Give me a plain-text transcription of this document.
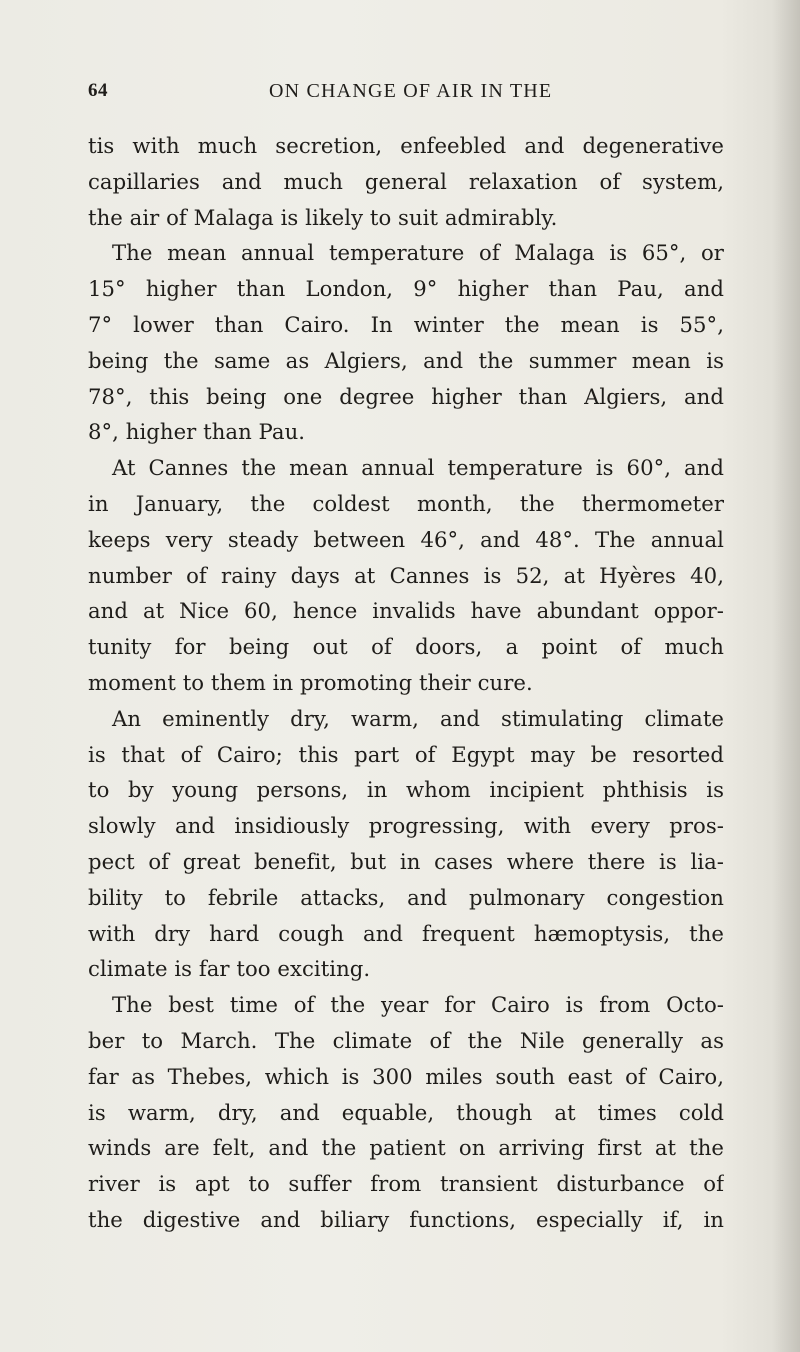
64	ON CHANGE OF AIR IN THE
tis with much secretion, enfeebled and degenerative
capillaries and much general relaxation of system,
the air of Malaga is likely to suit admirably.
The mean annual temperature of Malaga is 65°, or
15° higher than London, 9° higher than Pau, and
7° lower than Cairo. In winter the mean is 55°,
being the same as Algiers, and the summer mean is
78°, this being one degree higher than Algiers, and
8°, higher than Pau.
At Cannes the mean annual temperature is 60°, and
in January, the coldest month, the thermometer
keeps very steady between 46°, and 48°. The annual
number of rainy days at Cannes is 52, at Hyères 40,
and at Nice 60, hence invalids have abundant oppor-
tunity for being out of doors, a point of much
moment to them in promoting their cure.
An eminently dry, warm, and stimulating climate
is that of Cairo; this part of Egypt may be resorted
to by young persons, in whom incipient phthisis is
slowly and insidiously progressing, with every pros-
pect of great benefit, but in cases where there is lia-
bility to febrile attacks, and pulmonary congestion
with dry hard cough and frequent hæmoptysis, the
climate is far too exciting.
The best time of the year for Cairo is from Octo-
ber to March. The climate of the Nile generally as
far as Thebes, which is 300 miles south east of Cairo,
is warm, dry, and equable, though at times cold
winds are felt, and the patient on arriving first at the
river is apt to suffer from transient disturbance of
the digestive and biliary functions, especially if, in
